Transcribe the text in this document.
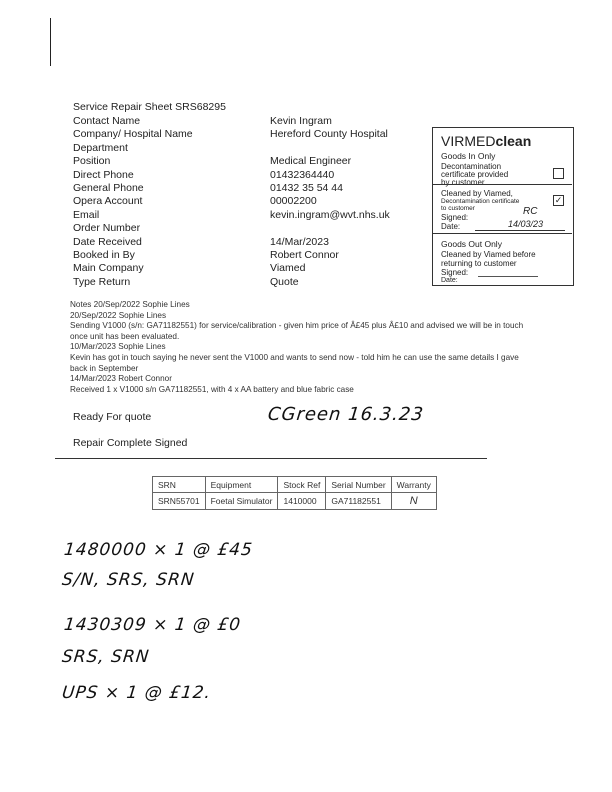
Service Repair Sheet SRS68295
Contact Name	Kevin Ingram
Company/ Hospital Name	Hereford County Hospital
Department
Position	Medical Engineer
Direct Phone	01432364440
General Phone	01432 35 54 44
Opera Account	00002200
Email	kevin.ingram@wvt.nhs.uk
Order Number
Date Received	14/Mar/2023
Booked in By	Robert Connor
Main Company	Viamed
Type Return	Quote
VIRMEDclean
Goods In Only
Decontamination
certificate provided
by customer
Cleaned by Viamed,
Decontamination certificate
to customer
Signed:
RC
Date:	14/03/23
✓
Goods Out Only
Cleaned by Viamed before
returning to customer
Signed:
Date:
Notes 20/Sep/2022 Sophie Lines
20/Sep/2022 Sophie Lines
Sending V1000 (s/n: GA71182551) for service/calibration - given him price of Â£45 plus Â£10 and advised we will be in touch
once unit has been evaluated.
10/Mar/2023 Sophie Lines
Kevin has got in touch saying he never sent the V1000 and wants to send now - told him he can use the same details I gave
back in September
14/Mar/2023 Robert Connor
Received 1 x V1000 s/n GA71182551, with 4 x AA battery and blue fabric case
Ready For quote	CGreen 16.3.23
Repair Complete Signed
SRN	Equipment	Stock Ref	Serial Number	Warranty
SRN55701	Foetal Simulator	1410000	GA71182551	N
1480000 × 1 @ £45
S/N, SRS, SRN
1430309 × 1 @ £0
SRS, SRN
UPS × 1 @ £12.
